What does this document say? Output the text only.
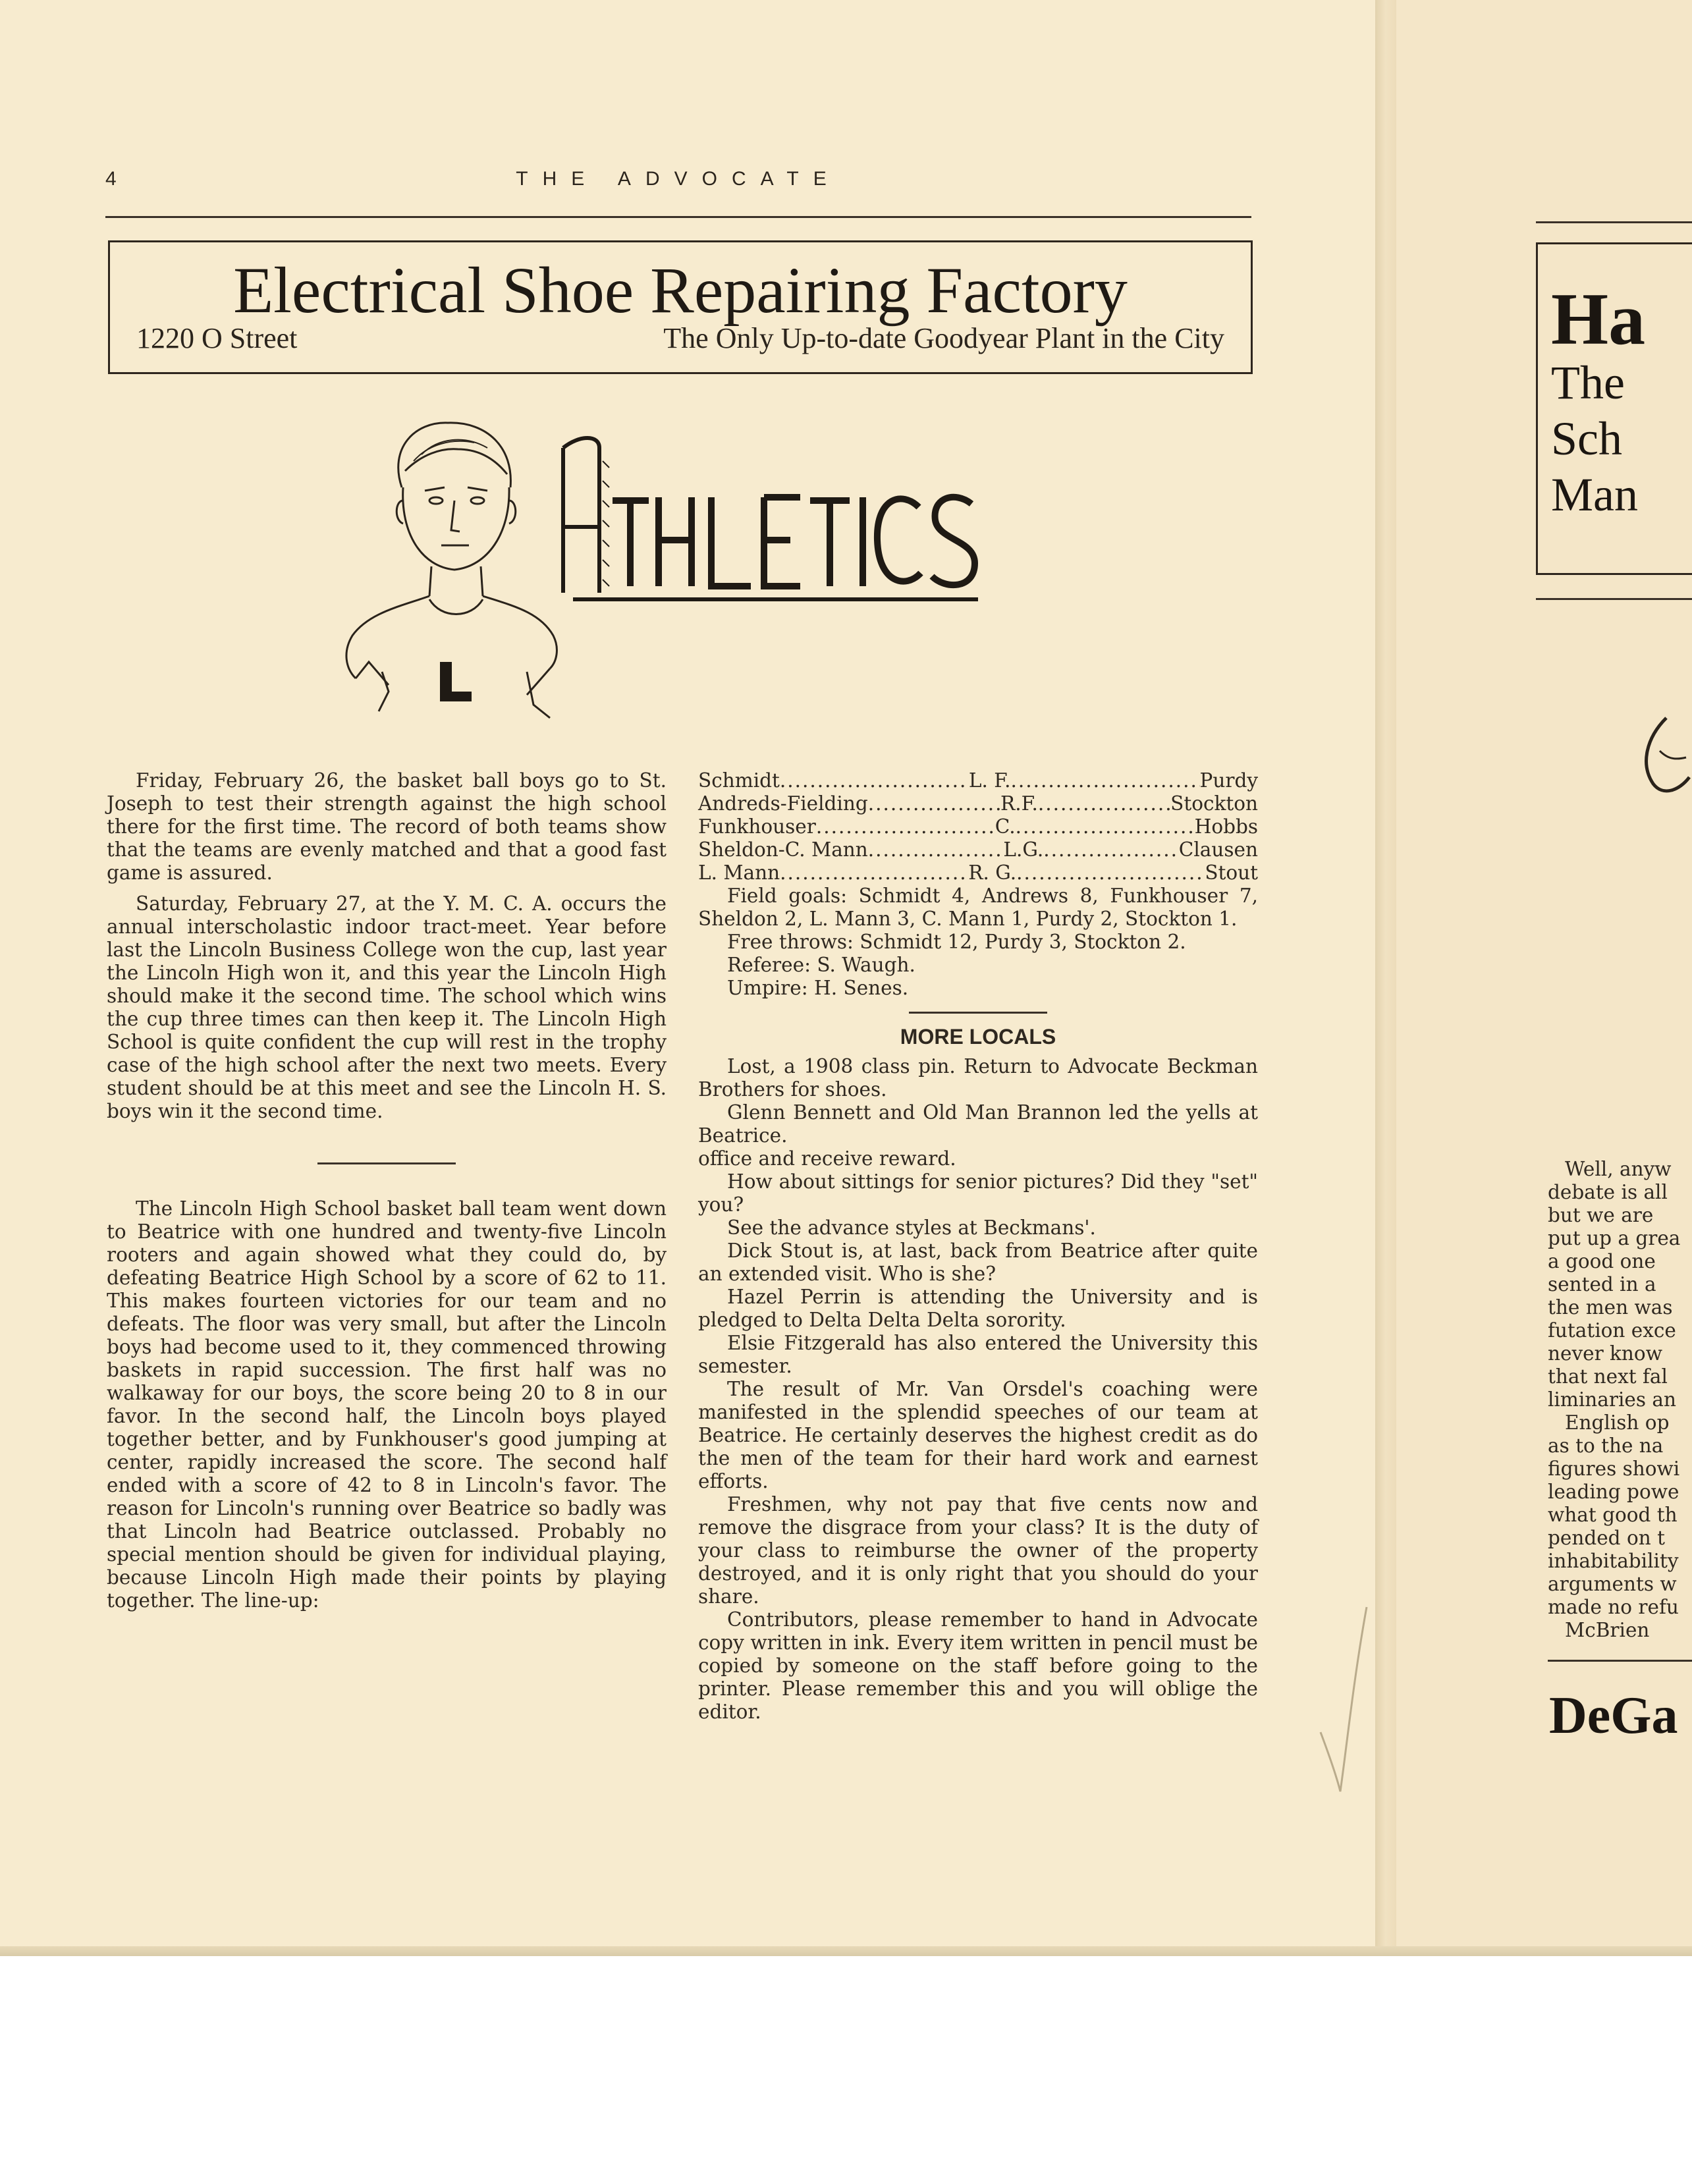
4	THE ADVOCATE
Electrical Shoe Repairing Factory
1220 O Street	The Only Up-to-date Goodyear Plant in the City

Friday, February 26, the basket ball boys go to St. Joseph to test their strength against the high school there for the first time. The record of both teams show that the teams are evenly matched and that a good fast game is assured.

Saturday, February 27, at the Y. M. C. A. occurs the annual interscholastic indoor tract-meet. Year before last the Lincoln Business College won the cup, last year the Lincoln High won it, and this year the Lincoln High should make it the second time. The school which wins the cup three times can then keep it. The Lincoln High School is quite confident the cup will rest in the trophy case of the high school after the next two meets. Every student should be at this meet and see the Lincoln H. S. boys win it the second time.

The Lincoln High School basket ball team went down to Beatrice with one hundred and twenty-five Lincoln rooters and again showed what they could do, by defeating Beatrice High School by a score of 62 to 11. This makes fourteen victories for our team and no defeats. The floor was very small, but after the Lincoln boys had become used to it, they commenced throwing baskets in rapid succession. The first half was no walkaway for our boys, the score being 20 to 8 in our favor. In the second half, the Lincoln boys played together better, and by Funkhouser's good jumping at center, rapidly increased the score. The second half ended with a score of 42 to 8 in Lincoln's favor. The reason for Lincoln's running over Beatrice so badly was that Lincoln had Beatrice outclassed. Probably no special mention should be given for individual playing, because Lincoln High made their points by playing together. The line-up:

Schmidt .....	L. F. .....	Purdy
Andreds-Fielding .....	R.F. .....	Stockton
Funkhouser .....	C. .....	Hobbs
Sheldon-C. Mann .....	L.G. .....	Clausen
L. Mann .....	R. G. .....	Stout

Field goals: Schmidt 4, Andrews 8, Funkhouser 7, Sheldon 2, L. Mann 3, C. Mann 1, Purdy 2, Stockton 1.

Free throws: Schmidt 12, Purdy 3, Stockton 2.

Referee: S. Waugh.

Umpire: H. Senes.

MORE LOCALS

Lost, a 1908 class pin. Return to Advocate Beckman Brothers for shoes.

Glenn Bennett and Old Man Brannon led the yells at Beatrice.

office and receive reward.

How about sittings for senior pictures? Did they "set" you?

See the advance styles at Beckmans'.

Dick Stout is, at last, back from Beatrice after quite an extended visit. Who is she?

Hazel Perrin is attending the University and is pledged to Delta Delta Delta sorority.

Elsie Fitzgerald has also entered the University this semester.

The result of Mr. Van Orsdel's coaching were manifested in the splendid speeches of our team at Beatrice. He certainly deserves the highest credit as do the men of the team for their hard work and earnest efforts.

Freshmen, why not pay that five cents now and remove the disgrace from your class? It is the duty of your class to reimburse the owner of the property destroyed, and it is only right that you should do your share.

Contributors, please remember to hand in Advocate copy written in ink. Every item written in pencil must be copied by someone on the staff before going to the printer. Please remember this and you will oblige the editor.

Ha
The
Sch
Man
Well, anyw
debate is all
but we are
put up a grea
a good one
sented in a
the men was
futation exce
never know
that next fal
liminaries an
English op
as to the na
figures showi
leading powe
what good th
pended on t
inhabitability
arguments w
made no refu
McBrien
DeGa
